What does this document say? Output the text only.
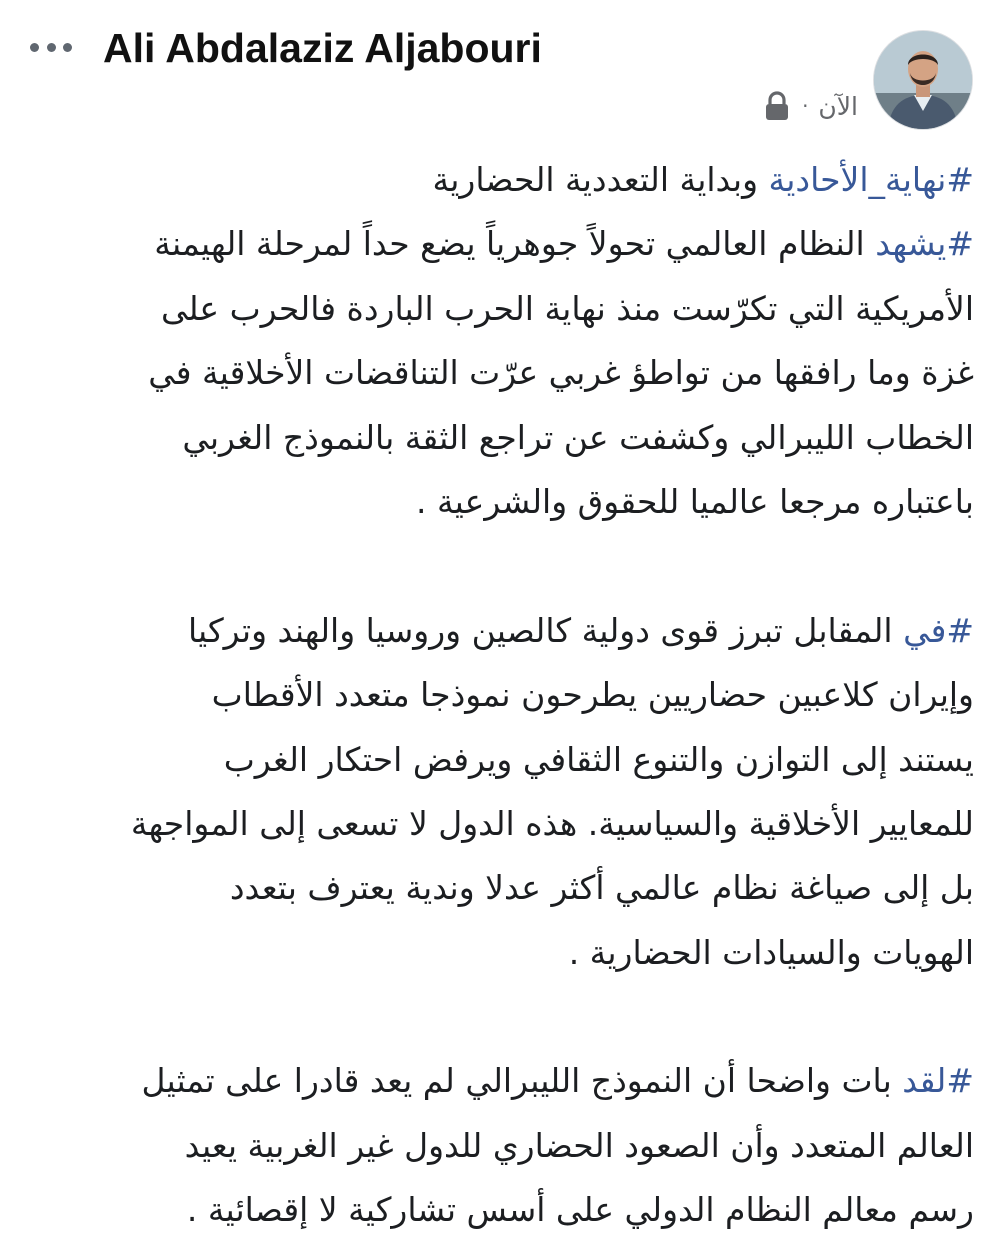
Ali Abdalaziz Aljabouri
الآن
·
#نهاية_الأحادية وبداية التعددية الحضارية
#يشهد النظام العالمي تحولاً جوهرياً يضع حداً لمرحلة الهيمنة
الأمريكية التي تكرّست منذ نهاية الحرب الباردة فالحرب على
غزة وما رافقها من تواطؤ غربي عرّت التناقضات الأخلاقية في
الخطاب الليبرالي وكشفت عن تراجع الثقة بالنموذج الغربي
باعتباره مرجعا عالميا للحقوق والشرعية .
#في المقابل تبرز قوى دولية كالصين وروسيا والهند وتركيا
وإيران كلاعبين حضاريين يطرحون نموذجا متعدد الأقطاب
يستند إلى التوازن والتنوع الثقافي ويرفض احتكار الغرب
للمعايير الأخلاقية والسياسية. هذه الدول لا تسعى إلى المواجهة
بل إلى صياغة نظام عالمي أكثر عدلا وندية يعترف بتعدد
الهويات والسيادات الحضارية .
#لقد بات واضحا أن النموذج الليبرالي لم يعد قادرا على تمثيل
العالم المتعدد وأن الصعود الحضاري للدول غير الغربية يعيد
رسم معالم النظام الدولي على أسس تشاركية لا إقصائية .
